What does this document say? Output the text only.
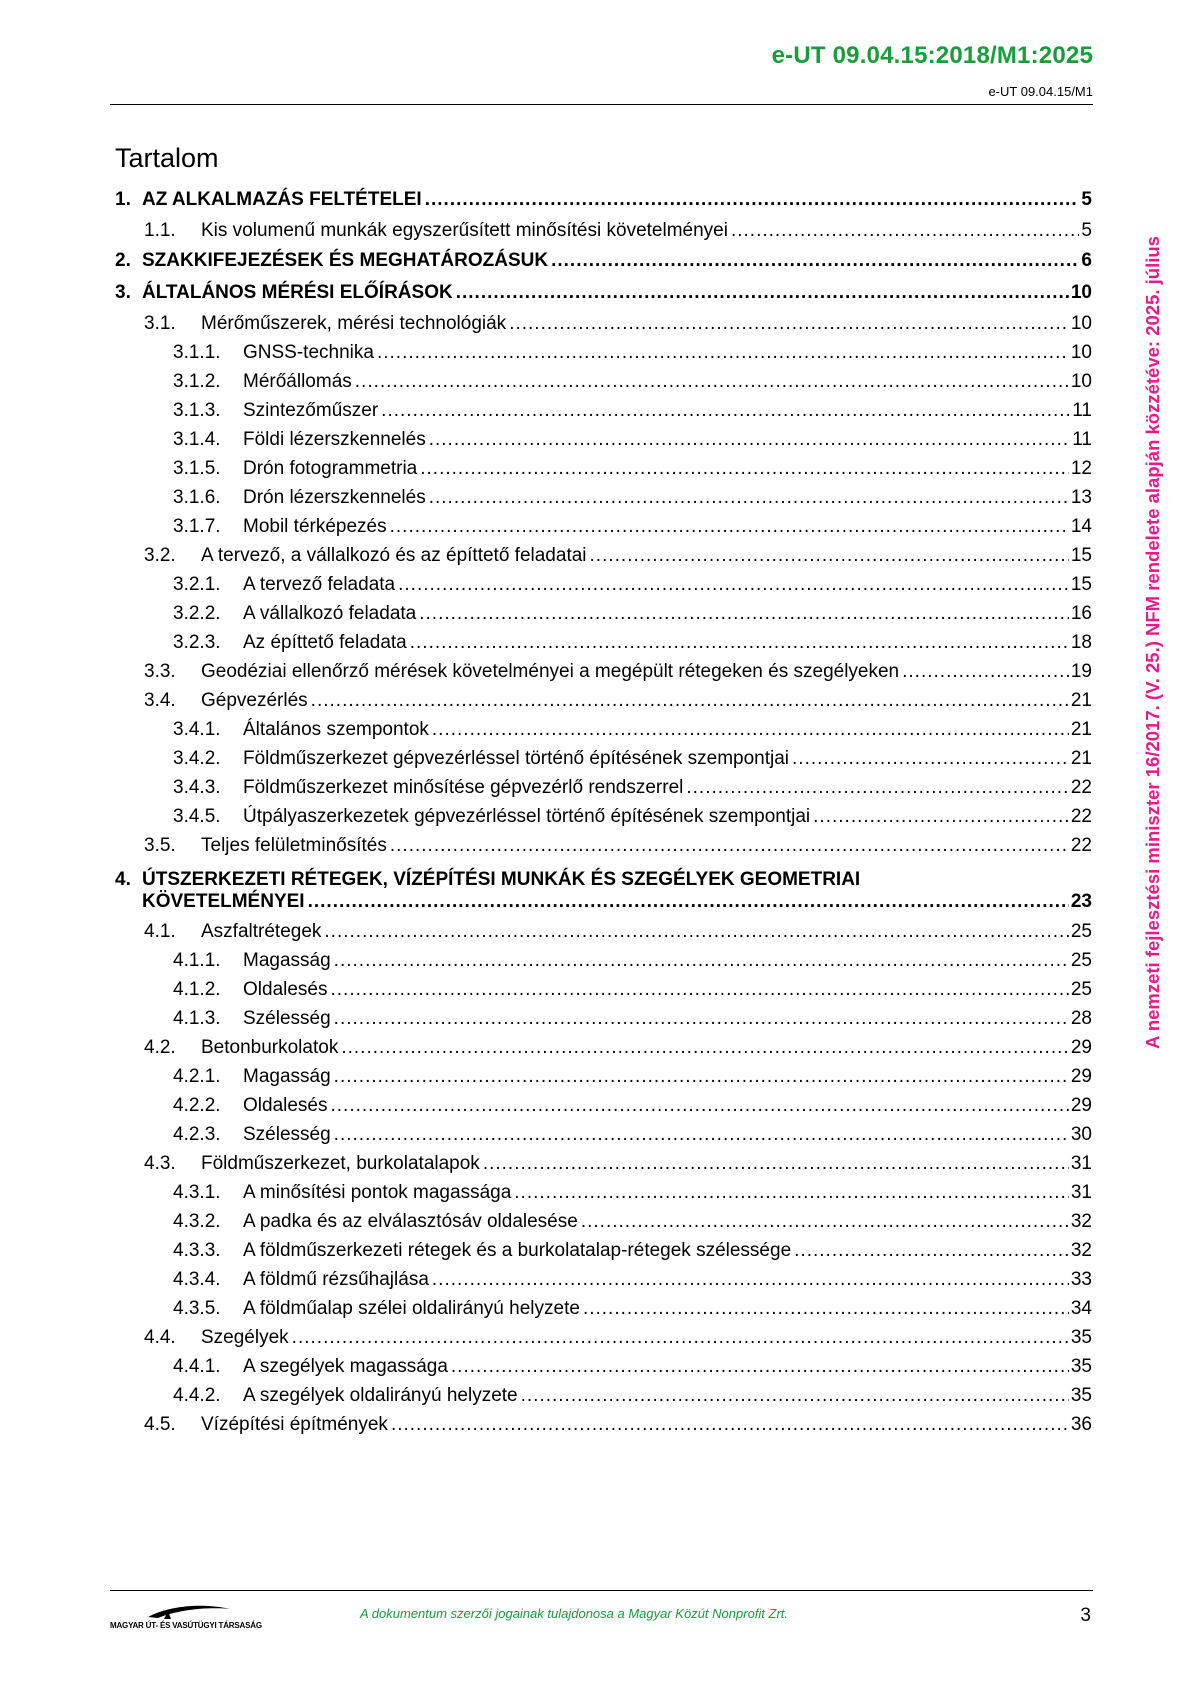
e-UT 09.04.15:2018/M1:2025
e-UT 09.04.15/M1
A nemzeti fejlesztési miniszter 16/2017. (V. 25.) NFM rendelete alapján közzétéve: 2025. július
Tartalom
1. AZ ALKALMAZÁS FELTÉTELEI .....	5
1.1.	Kis volumenű munkák egyszerűsített minősítési követelményei .....	5
2. SZAKKIFEJEZÉSEK ÉS MEGHATÁROZÁSUK .....	6
3. ÁLTALÁNOS MÉRÉSI ELŐÍRÁSOK .....	10
3.1.	Mérőműszerek, mérési technológiák .....	10
3.1.1.	GNSS-technika .....	10
3.1.2.	Mérőállomás .....	10
3.1.3.	Szintezőműszer .....	11
3.1.4.	Földi lézerszkennelés .....	11
3.1.5.	Drón fotogrammetria .....	12
3.1.6.	Drón lézerszkennelés .....	13
3.1.7.	Mobil térképezés .....	14
3.2.	A tervező, a vállalkozó és az építtető feladatai .....	15
3.2.1.	A tervező feladata .....	15
3.2.2.	A vállalkozó feladata .....	16
3.2.3.	Az építtető feladata .....	18
3.3.	Geodéziai ellenőrző mérések követelményei a megépült rétegeken és szegélyeken .....	19
3.4.	Gépvezérlés .....	21
3.4.1.	Általános szempontok .....	21
3.4.2.	Földműszerkezet gépvezérléssel történő építésének szempontjai .....	21
3.4.3.	Földműszerkezet minősítése gépvezérlő rendszerrel .....	22
3.4.5.	Útpályaszerkezetek gépvezérléssel történő építésének szempontjai .....	22
3.5.	Teljes felületminősítés .....	22
4. ÚTSZERKEZETI RÉTEGEK, VÍZÉPÍTÉSI MUNKÁK ÉS SZEGÉLYEK GEOMETRIAI
KÖVETELMÉNYEI .....	23
4.1.	Aszfaltrétegek .....	25
4.1.1.	Magasság .....	25
4.1.2.	Oldalesés .....	25
4.1.3.	Szélesség .....	28
4.2.	Betonburkolatok .....	29
4.2.1.	Magasság .....	29
4.2.2.	Oldalesés .....	29
4.2.3.	Szélesség .....	30
4.3.	Földműszerkezet, burkolatalapok .....	31
4.3.1.	A minősítési pontok magassága .....	31
4.3.2.	A padka és az elválasztósáv oldalesése .....	32
4.3.3.	A földműszerkezeti rétegek és a burkolatalap-rétegek szélessége .....	32
4.3.4.	A földmű rézsűhajlása .....	33
4.3.5.	A földműalap szélei oldalirányú helyzete .....	34
4.4.	Szegélyek .....	35
4.4.1.	A szegélyek magassága .....	35
4.4.2.	A szegélyek oldalirányú helyzete .....	35
4.5.	Vízépítési építmények .....	36
MAGYAR ÚT- ÉS VASÚTÜGYI TÁRSASÁG
A dokumentum szerzői jogainak tulajdonosa a Magyar Közút Nonprofit Zrt.	3
